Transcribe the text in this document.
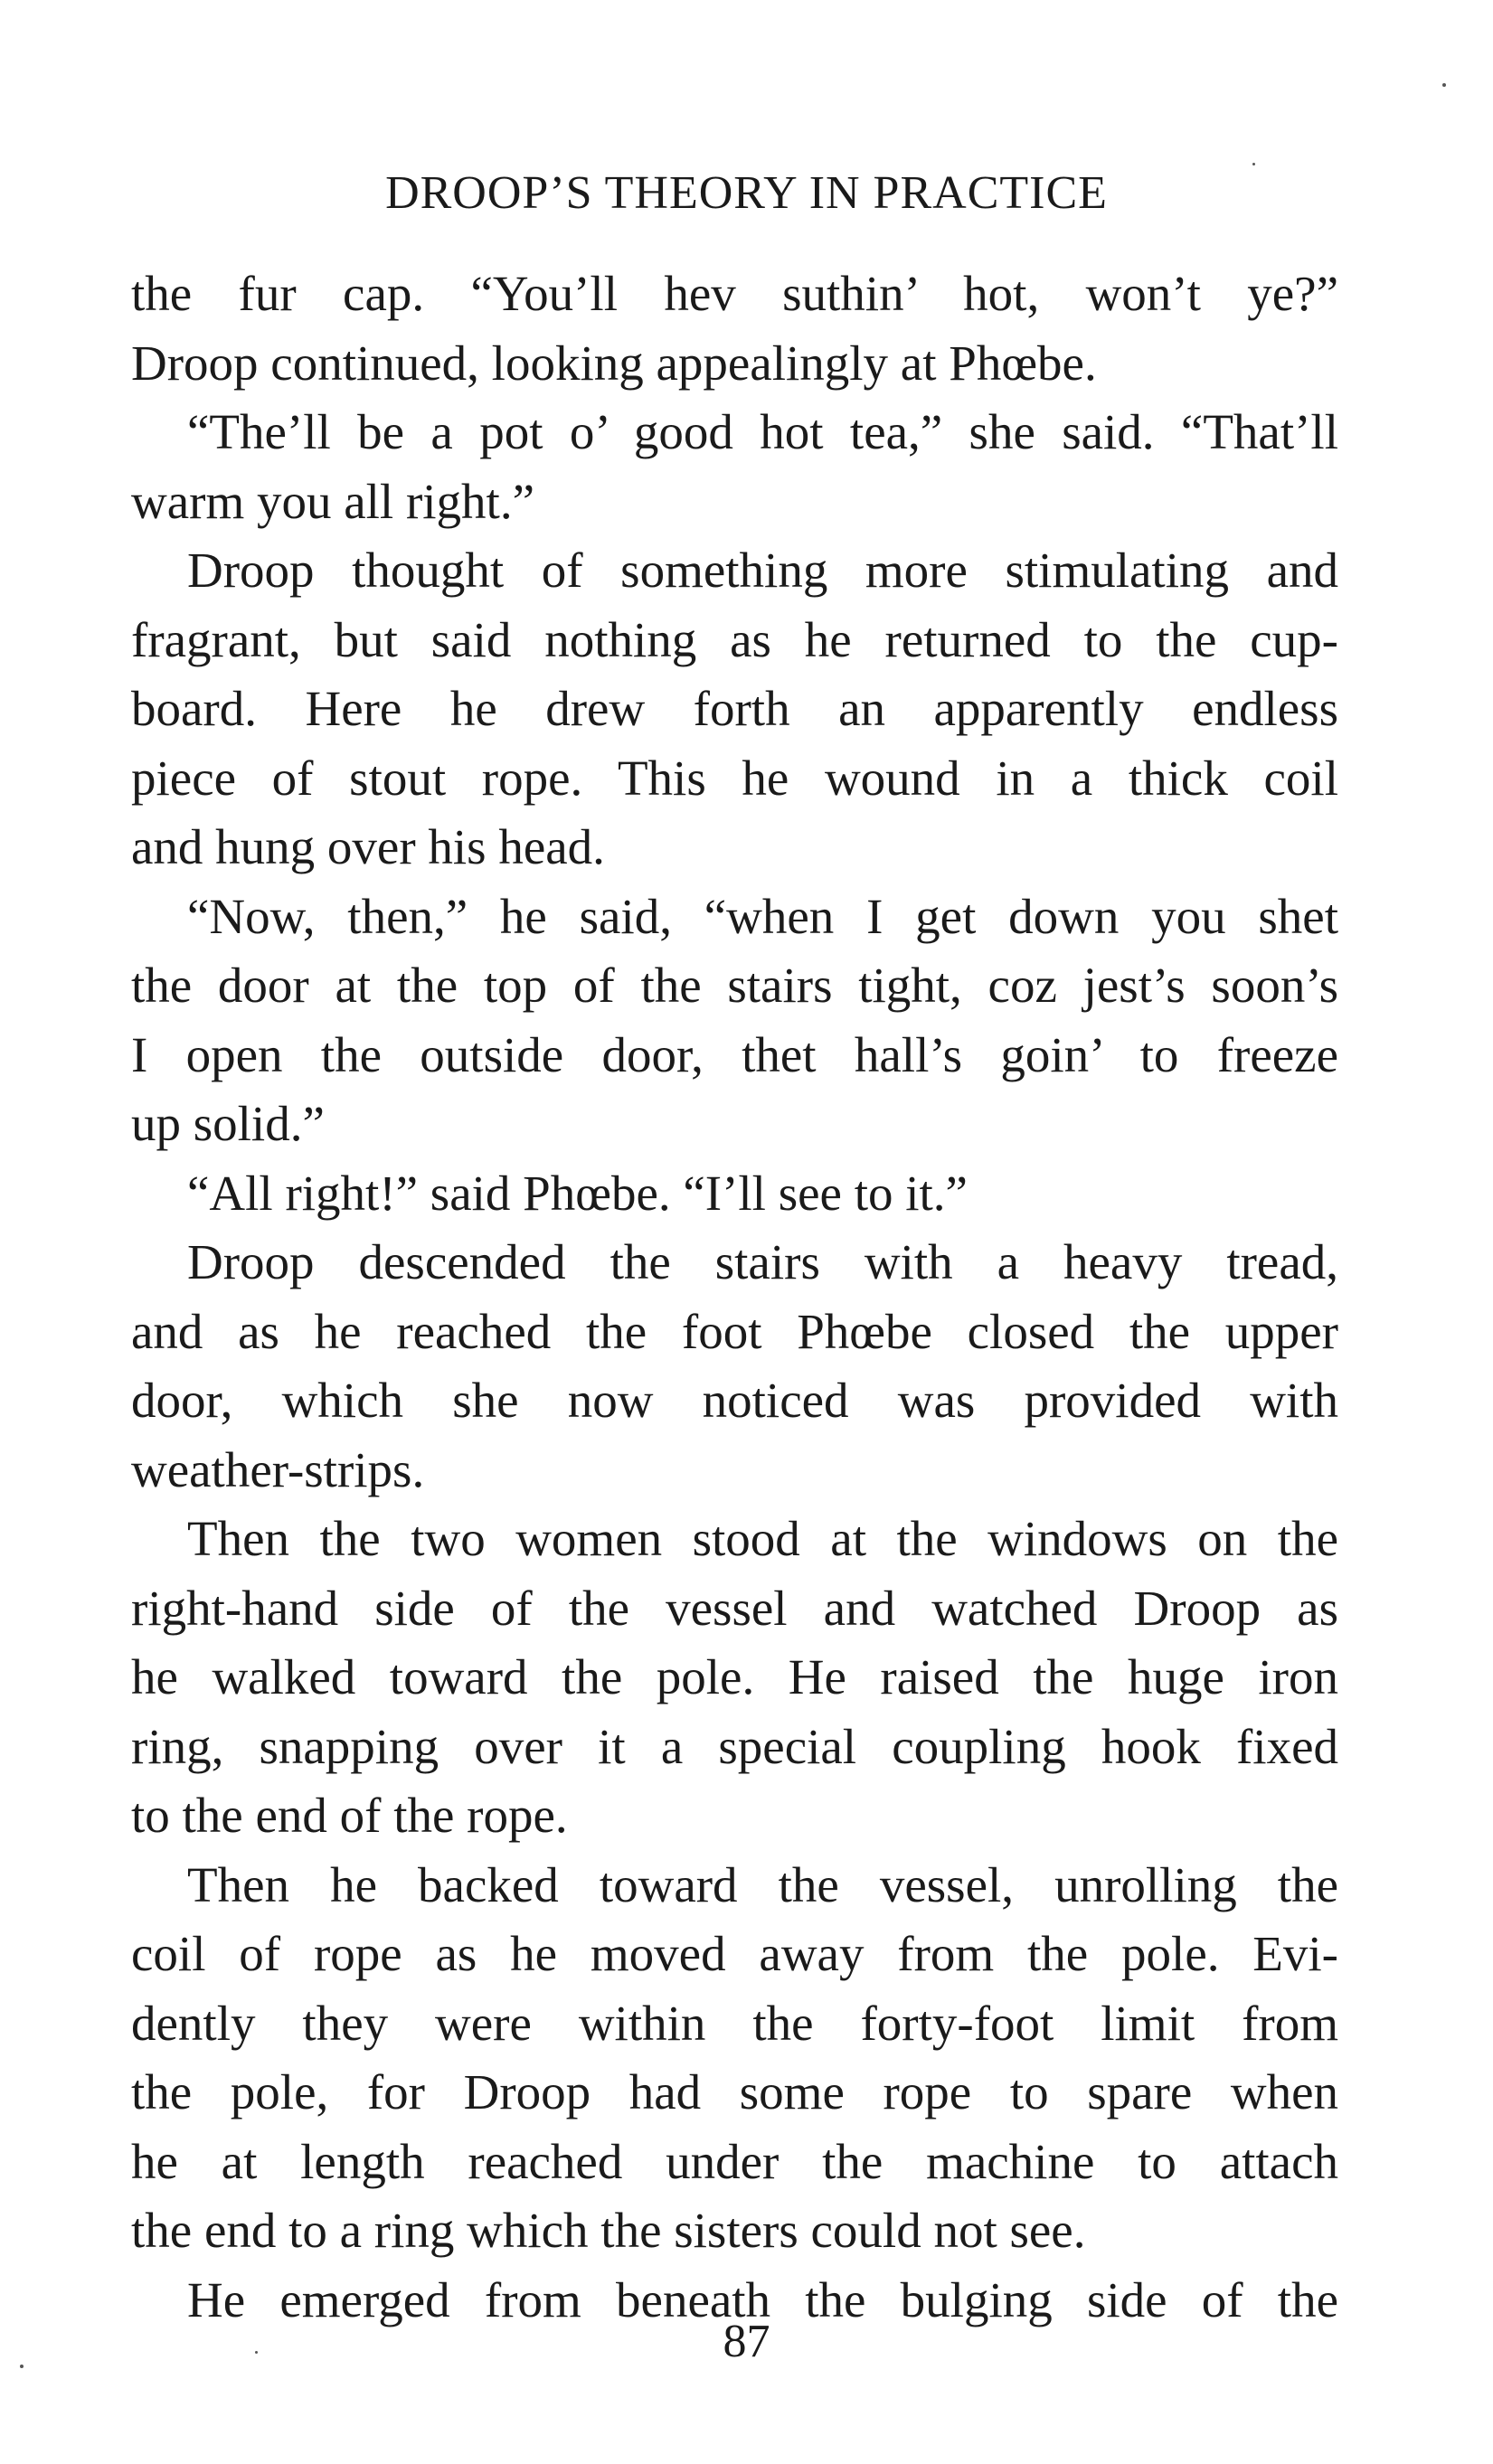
DROOP’S THEORY IN PRACTICE

the fur cap. “You’ll hev suthin’ hot, won’t ye?”
Droop continued, looking appealingly at Phœbe.

“The’ll be a pot o’ good hot tea,” she said. “That’ll
warm you all right.”

Droop thought of something more stimulating and
fragrant, but said nothing as he returned to the cup-
board. Here he drew forth an apparently endless
piece of stout rope. This he wound in a thick coil
and hung over his head.

“Now, then,” he said, “when I get down you shet
the door at the top of the stairs tight, coz jest’s soon’s
I open the outside door, thet hall’s goin’ to freeze
up solid.”

“All right!” said Phœbe. “I’ll see to it.”

Droop descended the stairs with a heavy tread,
and as he reached the foot Phœbe closed the upper
door, which she now noticed was provided with
weather-strips.

Then the two women stood at the windows on the
right-hand side of the vessel and watched Droop as
he walked toward the pole. He raised the huge iron
ring, snapping over it a special coupling hook fixed
to the end of the rope.

Then he backed toward the vessel, unrolling the
coil of rope as he moved away from the pole. Evi-
dently they were within the forty-foot limit from
the pole, for Droop had some rope to spare when
he at length reached under the machine to attach
the end to a ring which the sisters could not see.

He emerged from beneath the bulging side of the

87
